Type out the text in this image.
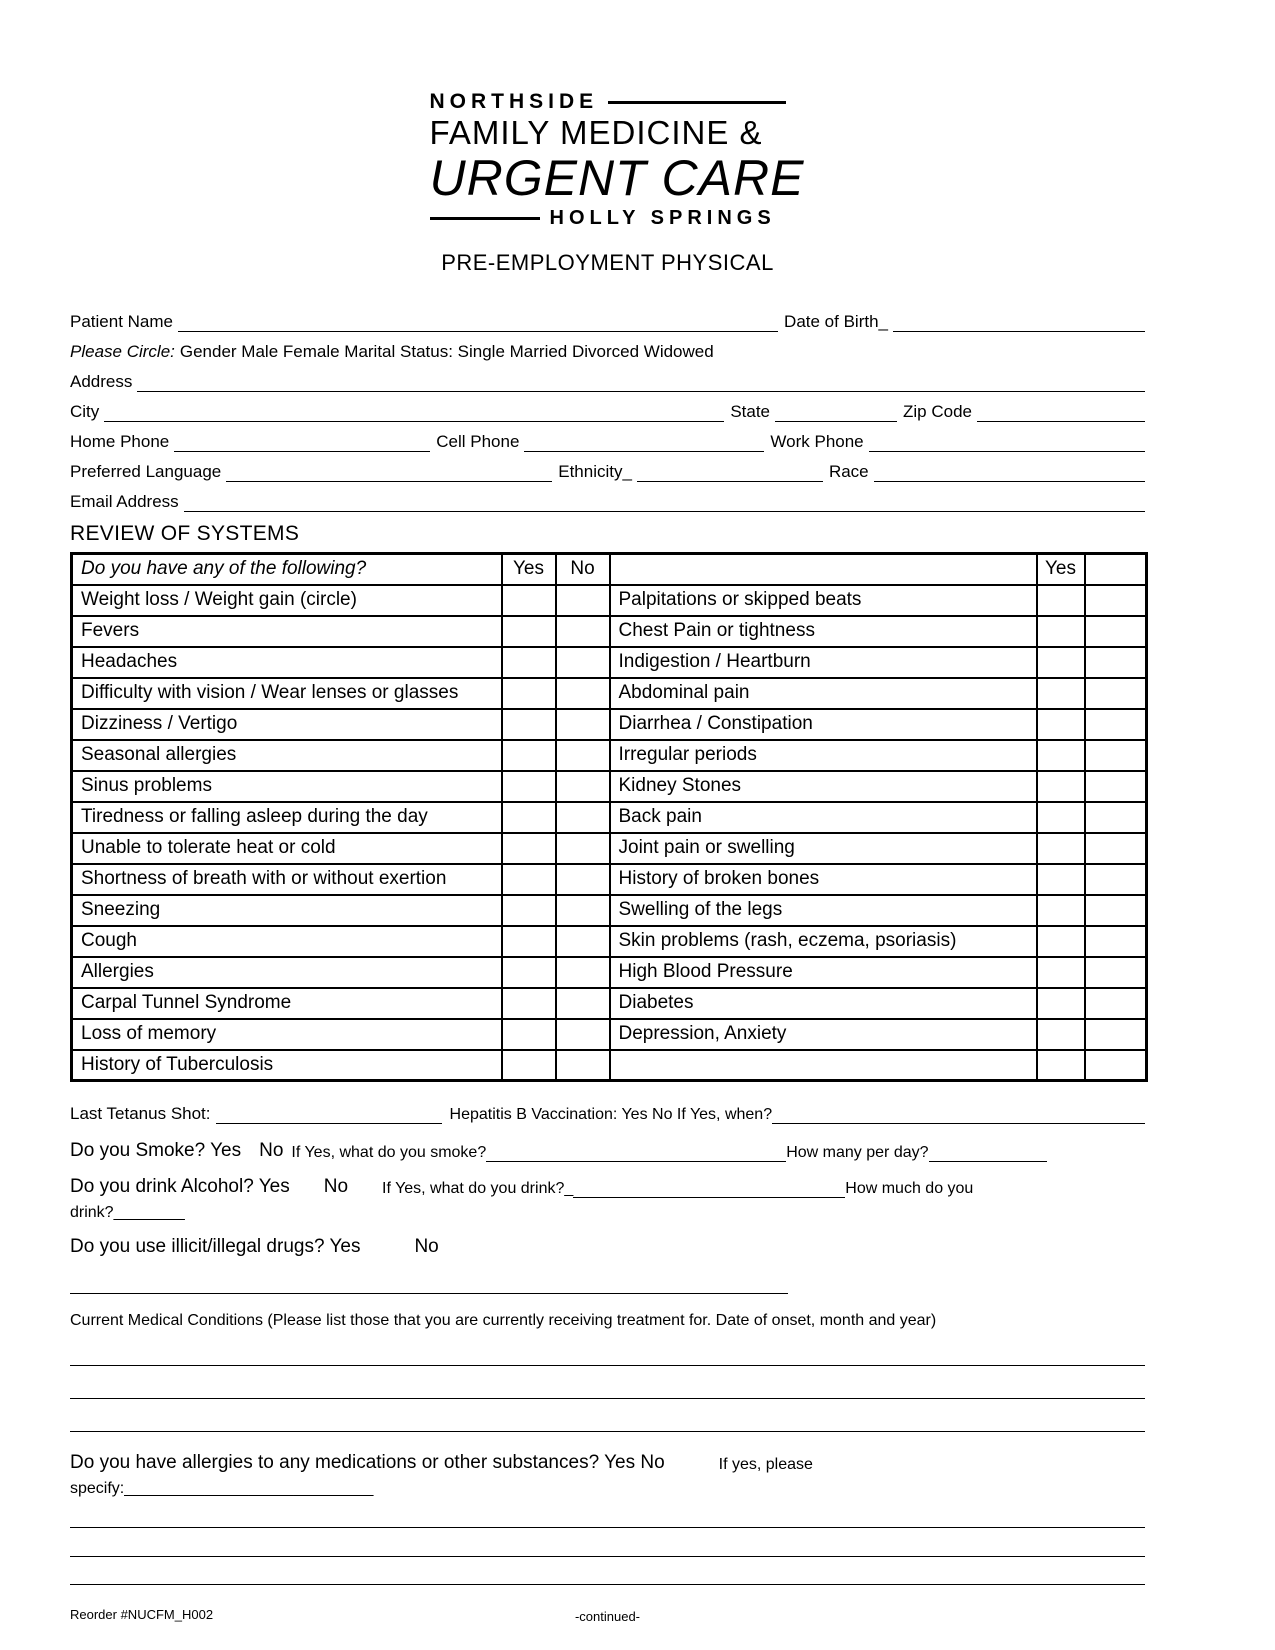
NORTHSIDE
FAMILY MEDICINE &
URGENT CARE
HOLLY SPRINGS
PRE-EMPLOYMENT PHYSICAL
Patient Name	Date of Birth_
Please Circle: Gender Male Female Marital Status: Single Married Divorced Widowed
Address
City	State	Zip Code
Home Phone	Cell Phone	Work Phone
Preferred Language	Ethnicity_	Race
Email Address
REVIEW OF SYSTEMS
Do you have any of the following?	Yes	No		Yes	
Weight loss / Weight gain (circle)			Palpitations or skipped beats		
Fevers			Chest Pain or tightness		
Headaches			Indigestion / Heartburn		
Difficulty with vision / Wear lenses or glasses			Abdominal pain		
Dizziness / Vertigo			Diarrhea / Constipation		
Seasonal allergies			Irregular periods		
Sinus problems			Kidney Stones		
Tiredness or falling asleep during the day			Back pain		
Unable to tolerate heat or cold			Joint pain or swelling		
Shortness of breath with or without exertion			History of broken bones		
Sneezing			Swelling of the legs		
Cough			Skin problems (rash, eczema, psoriasis)		
Allergies			High Blood Pressure		
Carpal Tunnel Syndrome			Diabetes		
Loss of memory			Depression, Anxiety		
History of Tuberculosis					
Last Tetanus Shot:	Hepatitis B Vaccination: Yes No If Yes, when?
Do you Smoke? Yes No If Yes, what do you smoke?	How many per day?
Do you drink Alcohol? Yes No If Yes, what do you drink?_	How much do you
drink?________
Do you use illicit/illegal drugs? Yes	No
Current Medical Conditions (Please list those that you are currently receiving treatment for. Date of onset, month and year)
Do you have allergies to any medications or other substances? Yes No	If yes, please
specify:____________________________
Reorder #NUCFM_H002	-continued-
